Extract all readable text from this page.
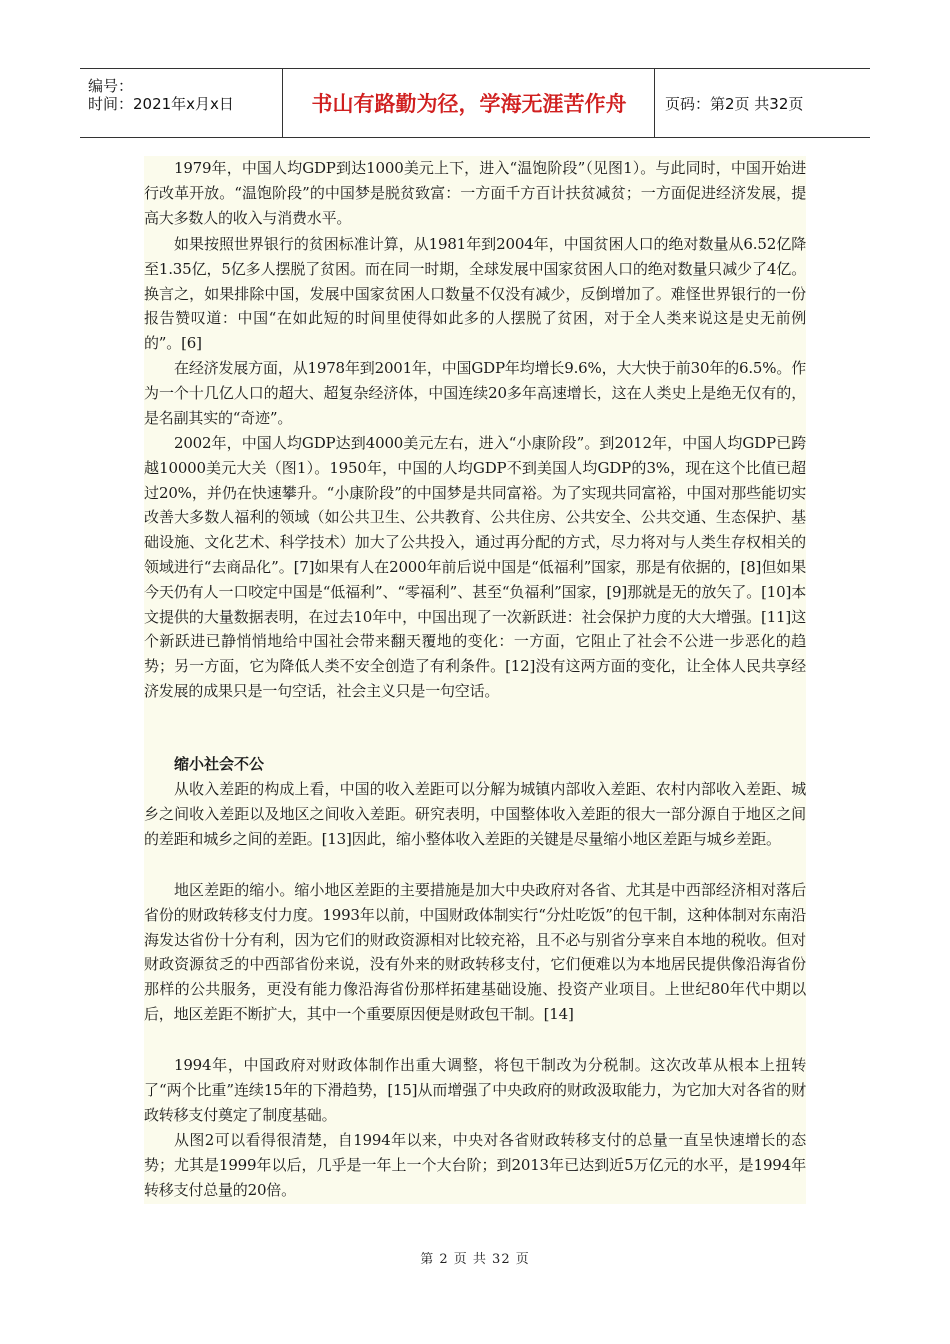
编号：
时间：2021年x月x日	书山有路勤为径，学海无涯苦作舟	页码：第2页 共32页
1979年，中国人均GDP到达1000美元上下，进入“温饱阶段”（见图1）。与此同时，中国开始进行改革开放。“温饱阶段”的中国梦是脱贫致富：一方面千方百计扶贫减贫；一方面促进经济发展，提高大多数人的收入与消费水平。
如果按照世界银行的贫困标准计算，从1981年到2004年，中国贫困人口的绝对数量从6.52亿降至1.35亿，5亿多人摆脱了贫困。而在同一时期，全球发展中国家贫困人口的绝对数量只减少了4亿。换言之，如果排除中国，发展中国家贫困人口数量不仅没有减少，反倒增加了。难怪世界银行的一份报告赞叹道：中国“在如此短的时间里使得如此多的人摆脱了贫困，对于全人类来说这是史无前例的”。[6]
在经济发展方面，从1978年到2001年，中国GDP年均增长9.6%，大大快于前30年的6.5%。作为一个十几亿人口的超大、超复杂经济体，中国连续20多年高速增长，这在人类史上是绝无仅有的，是名副其实的“奇迹”。
2002年，中国人均GDP达到4000美元左右，进入“小康阶段”。到2012年，中国人均GDP已跨越10000美元大关（图1）。1950年，中国的人均GDP不到美国人均GDP的3%，现在这个比值已超过20%，并仍在快速攀升。“小康阶段”的中国梦是共同富裕。为了实现共同富裕，中国对那些能切实改善大多数人福利的领域（如公共卫生、公共教育、公共住房、公共安全、公共交通、生态保护、基础设施、文化艺术、科学技术）加大了公共投入，通过再分配的方式，尽力将对与人类生存权相关的领域进行“去商品化”。[7]如果有人在2000年前后说中国是“低福利”国家，那是有依据的，[8]但如果今天仍有人一口咬定中国是“低福利”、“零福利”、甚至“负福利”国家，[9]那就是无的放矢了。[10]本文提供的大量数据表明，在过去10年中，中国出现了一次新跃进：社会保护力度的大大增强。[11]这个新跃进已静悄悄地给中国社会带来翻天覆地的变化：一方面，它阻止了社会不公进一步恶化的趋势；另一方面，它为降低人类不安全创造了有利条件。[12]没有这两方面的变化，让全体人民共享经济发展的成果只是一句空话，社会主义只是一句空话。
缩小社会不公
从收入差距的构成上看，中国的收入差距可以分解为城镇内部收入差距、农村内部收入差距、城乡之间收入差距以及地区之间收入差距。研究表明，中国整体收入差距的很大一部分源自于地区之间的差距和城乡之间的差距。[13]因此，缩小整体收入差距的关键是尽量缩小地区差距与城乡差距。
地区差距的缩小。缩小地区差距的主要措施是加大中央政府对各省、尤其是中西部经济相对落后省份的财政转移支付力度。1993年以前，中国财政体制实行“分灶吃饭”的包干制，这种体制对东南沿海发达省份十分有利，因为它们的财政资源相对比较充裕，且不必与别省分享来自本地的税收。但对财政资源贫乏的中西部省份来说，没有外来的财政转移支付，它们便难以为本地居民提供像沿海省份那样的公共服务，更没有能力像沿海省份那样拓建基础设施、投资产业项目。上世纪80年代中期以后，地区差距不断扩大，其中一个重要原因便是财政包干制。[14]
1994年，中国政府对财政体制作出重大调整，将包干制改为分税制。这次改革从根本上扭转了“两个比重”连续15年的下滑趋势，[15]从而增强了中央政府的财政汲取能力，为它加大对各省的财政转移支付奠定了制度基础。
从图2可以看得很清楚，自1994年以来，中央对各省财政转移支付的总量一直呈快速增长的态势；尤其是1999年以后，几乎是一年上一个大台阶；到2013年已达到近5万亿元的水平，是1994年转移支付总量的20倍。
第 2 页 共 32 页
